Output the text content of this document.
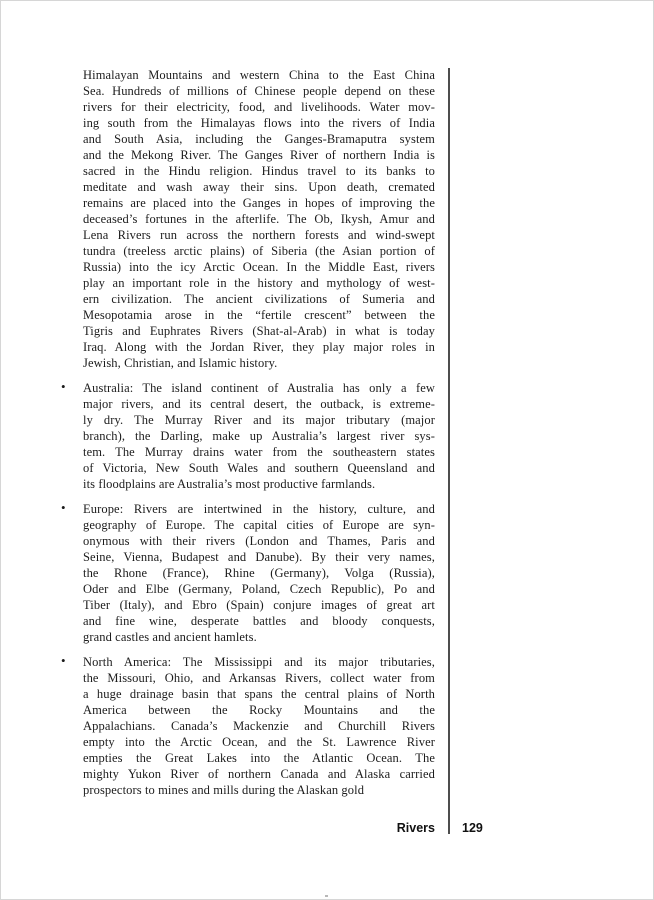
Himalayan Mountains and western China to the East China
Sea. Hundreds of millions of Chinese people depend on these
rivers for their electricity, food, and livelihoods. Water mov-
ing south from the Himalayas flows into the rivers of India
and South Asia, including the Ganges-Bramaputra system
and the Mekong River. The Ganges River of northern India is
sacred in the Hindu religion. Hindus travel to its banks to
meditate and wash away their sins. Upon death, cremated
remains are placed into the Ganges in hopes of improving the
deceased’s fortunes in the afterlife. The Ob, Ikysh, Amur and
Lena Rivers run across the northern forests and wind-swept
tundra (treeless arctic plains) of Siberia (the Asian portion of
Russia) into the icy Arctic Ocean. In the Middle East, rivers
play an important role in the history and mythology of west-
ern civilization. The ancient civilizations of Sumeria and
Mesopotamia arose in the “fertile crescent” between the
Tigris and Euphrates Rivers (Shat-al-Arab) in what is today
Iraq. Along with the Jordan River, they play major roles in
Jewish, Christian, and Islamic history.
• Australia: The island continent of Australia has only a few
major rivers, and its central desert, the outback, is extreme-
ly dry. The Murray River and its major tributary (major
branch), the Darling, make up Australia’s largest river sys-
tem. The Murray drains water from the southeastern states
of Victoria, New South Wales and southern Queensland and
its floodplains are Australia’s most productive farmlands.
• Europe: Rivers are intertwined in the history, culture, and
geography of Europe. The capital cities of Europe are syn-
onymous with their rivers (London and Thames, Paris and
Seine, Vienna, Budapest and Danube). By their very names,
the Rhone (France), Rhine (Germany), Volga (Russia),
Oder and Elbe (Germany, Poland, Czech Republic), Po and
Tiber (Italy), and Ebro (Spain) conjure images of great art
and fine wine, desperate battles and bloody conquests,
grand castles and ancient hamlets.
• North America: The Mississippi and its major tributaries,
the Missouri, Ohio, and Arkansas Rivers, collect water from
a huge drainage basin that spans the central plains of North
America between the Rocky Mountains and the
Appalachians. Canada’s Mackenzie and Churchill Rivers
empty into the Arctic Ocean, and the St. Lawrence River
empties the Great Lakes into the Atlantic Ocean. The
mighty Yukon River of northern Canada and Alaska carried
prospectors to mines and mills during the Alaskan gold
Rivers 129
